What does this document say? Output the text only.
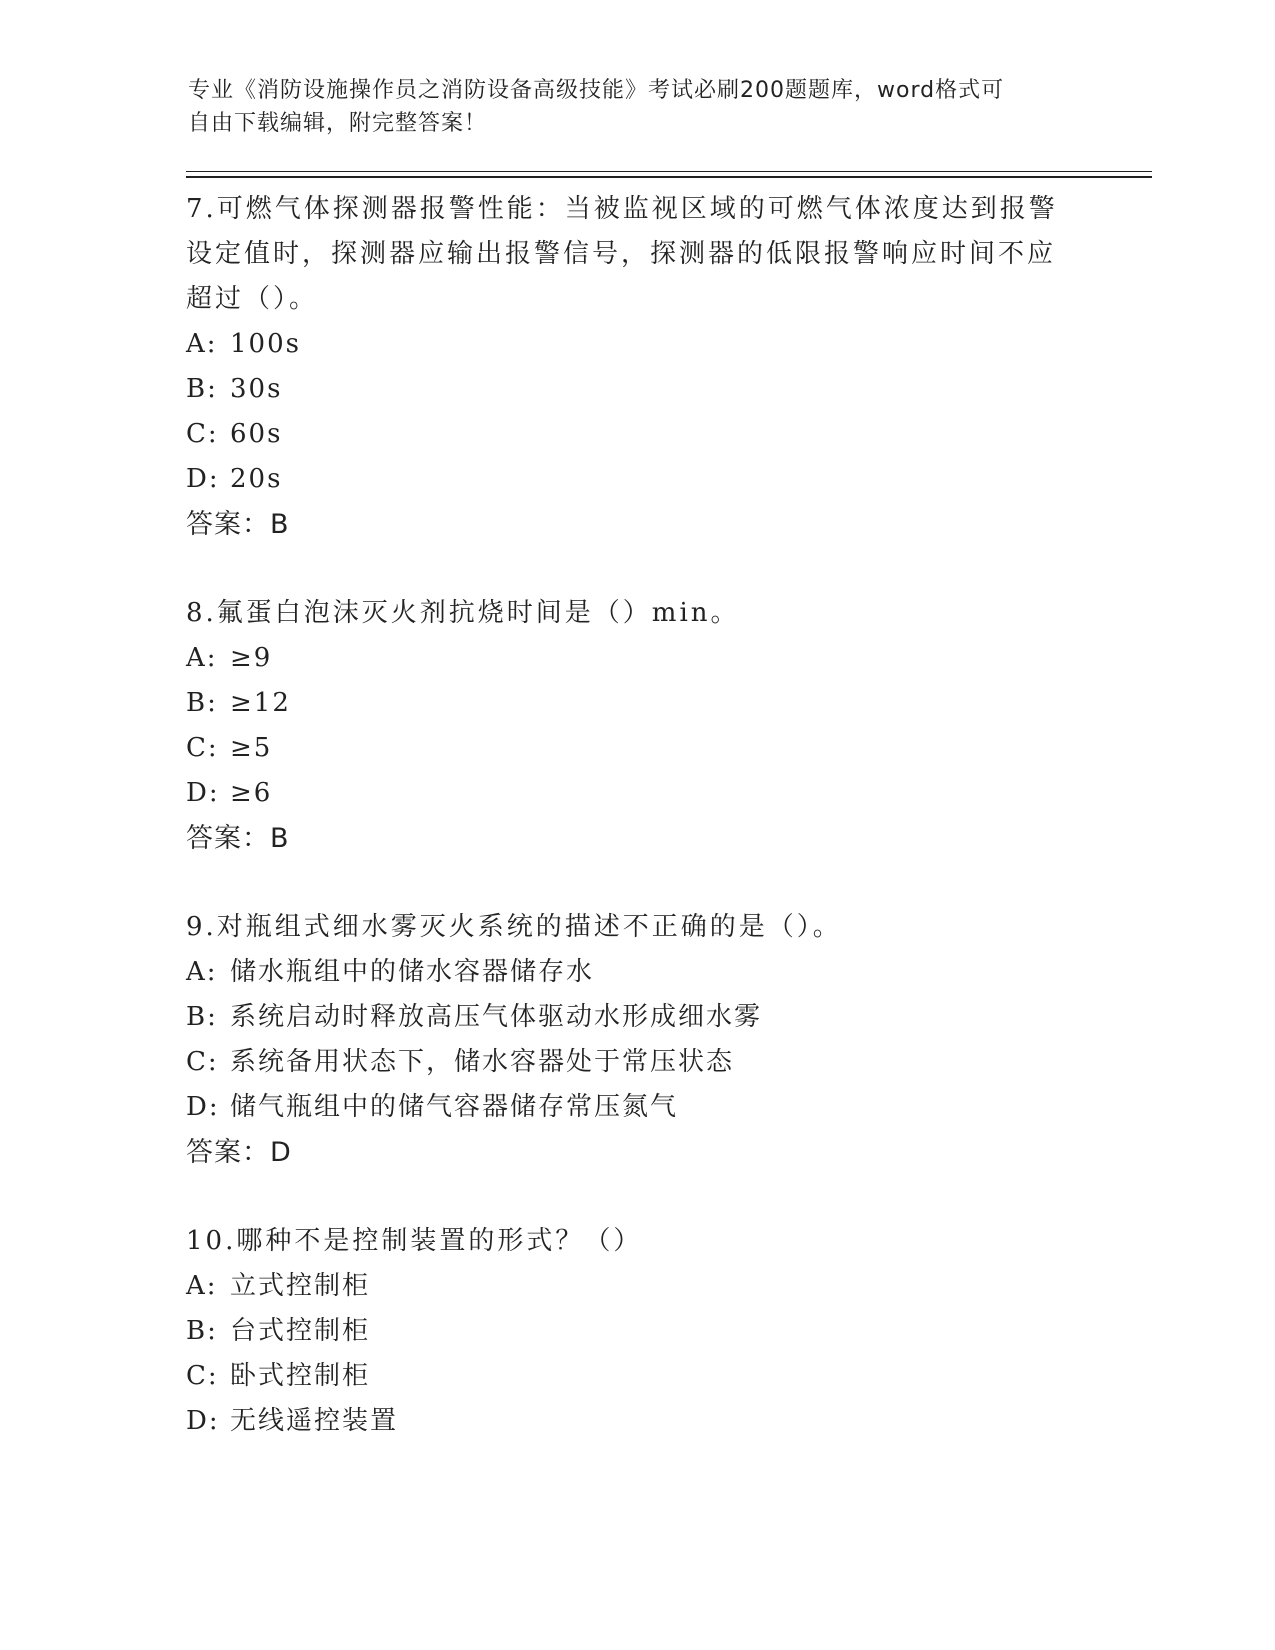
专业《消防设施操作员之消防设备高级技能》考试必刷200题题库，word格式可
自由下载编辑，附完整答案！
7.可燃气体探测器报警性能：当被监视区域的可燃气体浓度达到报警
设定值时，探测器应输出报警信号，探测器的低限报警响应时间不应
超过（）。
A: 100s
B: 30s
C: 60s
D: 20s
答案：B
8.氟蛋白泡沫灭火剂抗烧时间是（）min。
A: ≥9
B: ≥12
C: ≥5
D: ≥6
答案：B
9.对瓶组式细水雾灭火系统的描述不正确的是（）。
A: 储水瓶组中的储水容器储存水
B: 系统启动时释放高压气体驱动水形成细水雾
C: 系统备用状态下，储水容器处于常压状态
D: 储气瓶组中的储气容器储存常压氮气
答案：D
10.哪种不是控制装置的形式？（）
A: 立式控制柜
B: 台式控制柜
C: 卧式控制柜
D: 无线遥控装置
